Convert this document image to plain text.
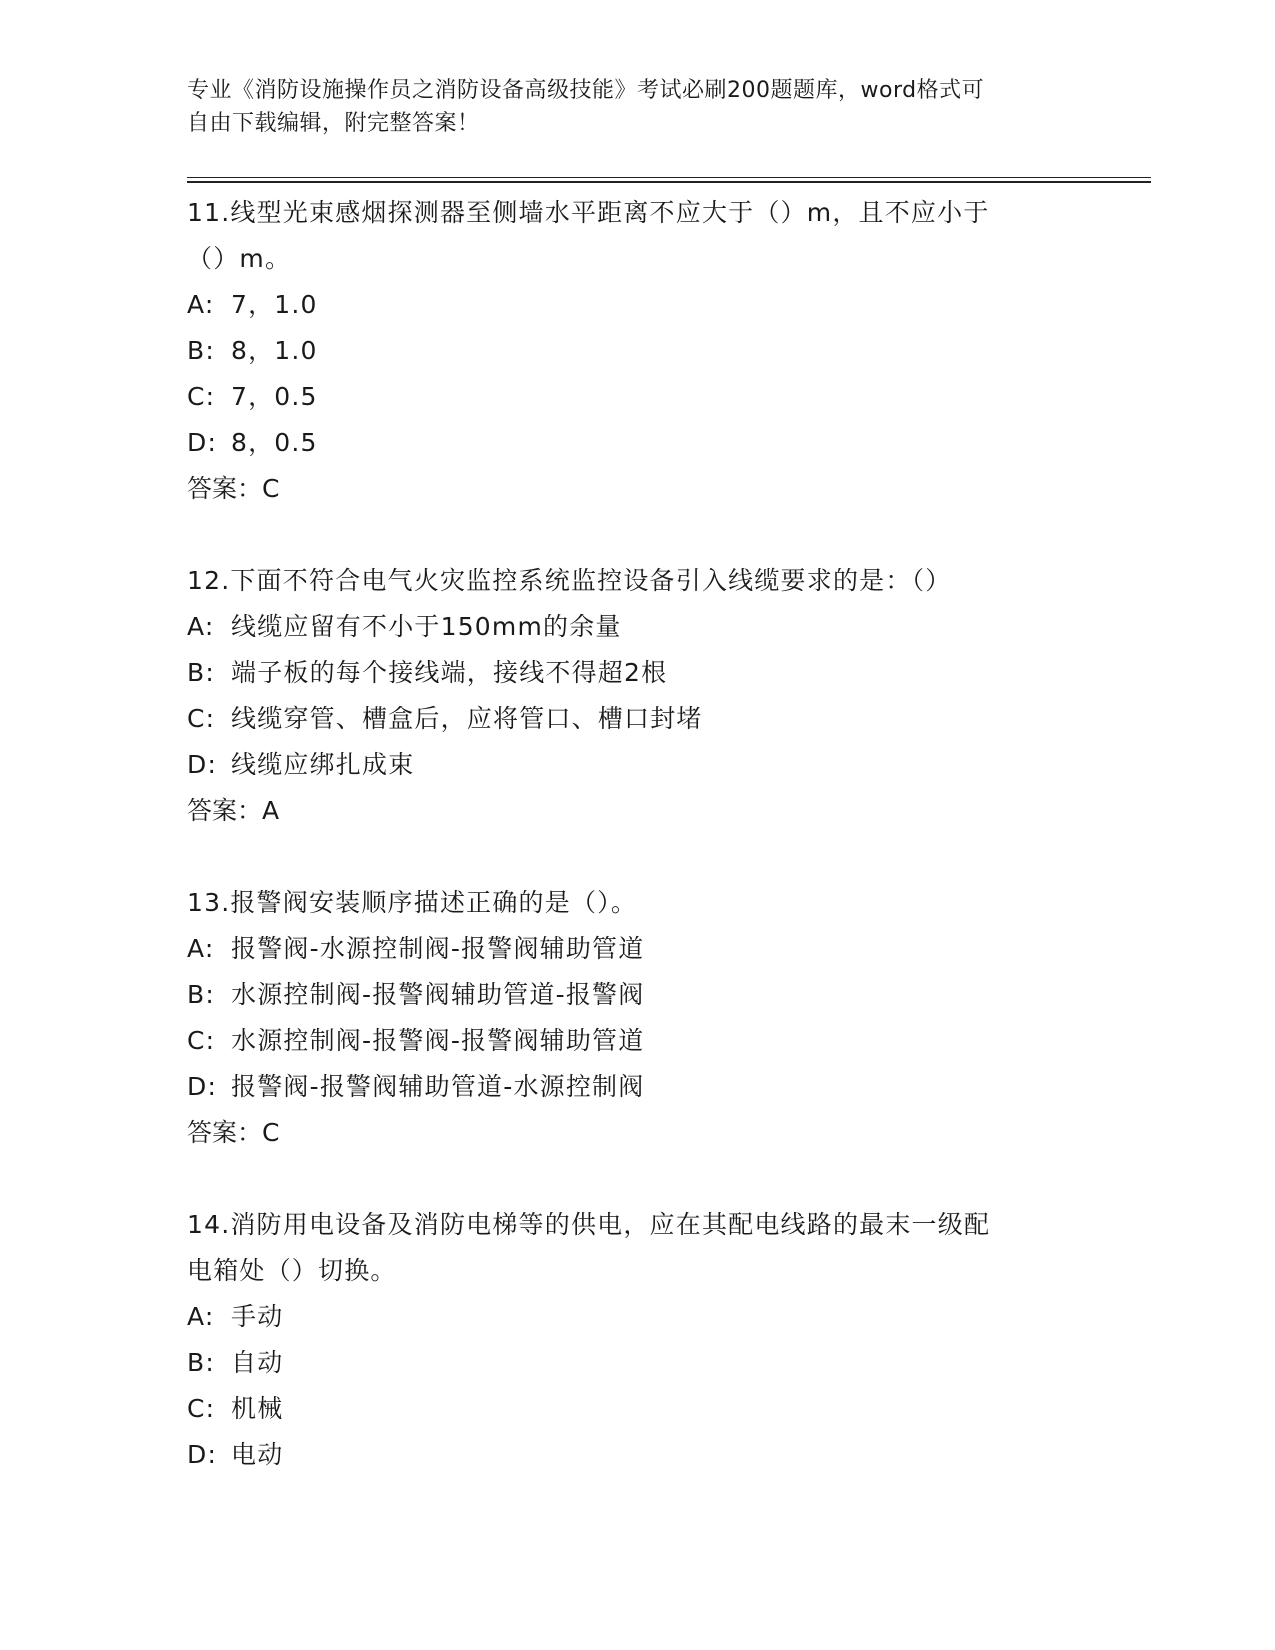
专业《消防设施操作员之消防设备高级技能》考试必刷200题题库，word格式可
自由下载编辑，附完整答案！

11.线型光束感烟探测器至侧墙水平距离不应大于（）m，且不应小于

（）m。

A: 7，1.0
B: 8，1.0
C: 7，0.5
D: 8，0.5

答案：C

12.下面不符合电气火灾监控系统监控设备引入线缆要求的是：（）

A: 线缆应留有不小于150mm的余量
B: 端子板的每个接线端，接线不得超2根
C: 线缆穿管、槽盒后，应将管口、槽口封堵
D: 线缆应绑扎成束

答案：A

13.报警阀安装顺序描述正确的是（）。

A: 报警阀-水源控制阀-报警阀辅助管道
B: 水源控制阀-报警阀辅助管道-报警阀
C: 水源控制阀-报警阀-报警阀辅助管道
D: 报警阀-报警阀辅助管道-水源控制阀

答案：C

14.消防用电设备及消防电梯等的供电，应在其配电线路的最末一级配

电箱处（）切换。

A: 手动
B: 自动
C: 机械
D: 电动
